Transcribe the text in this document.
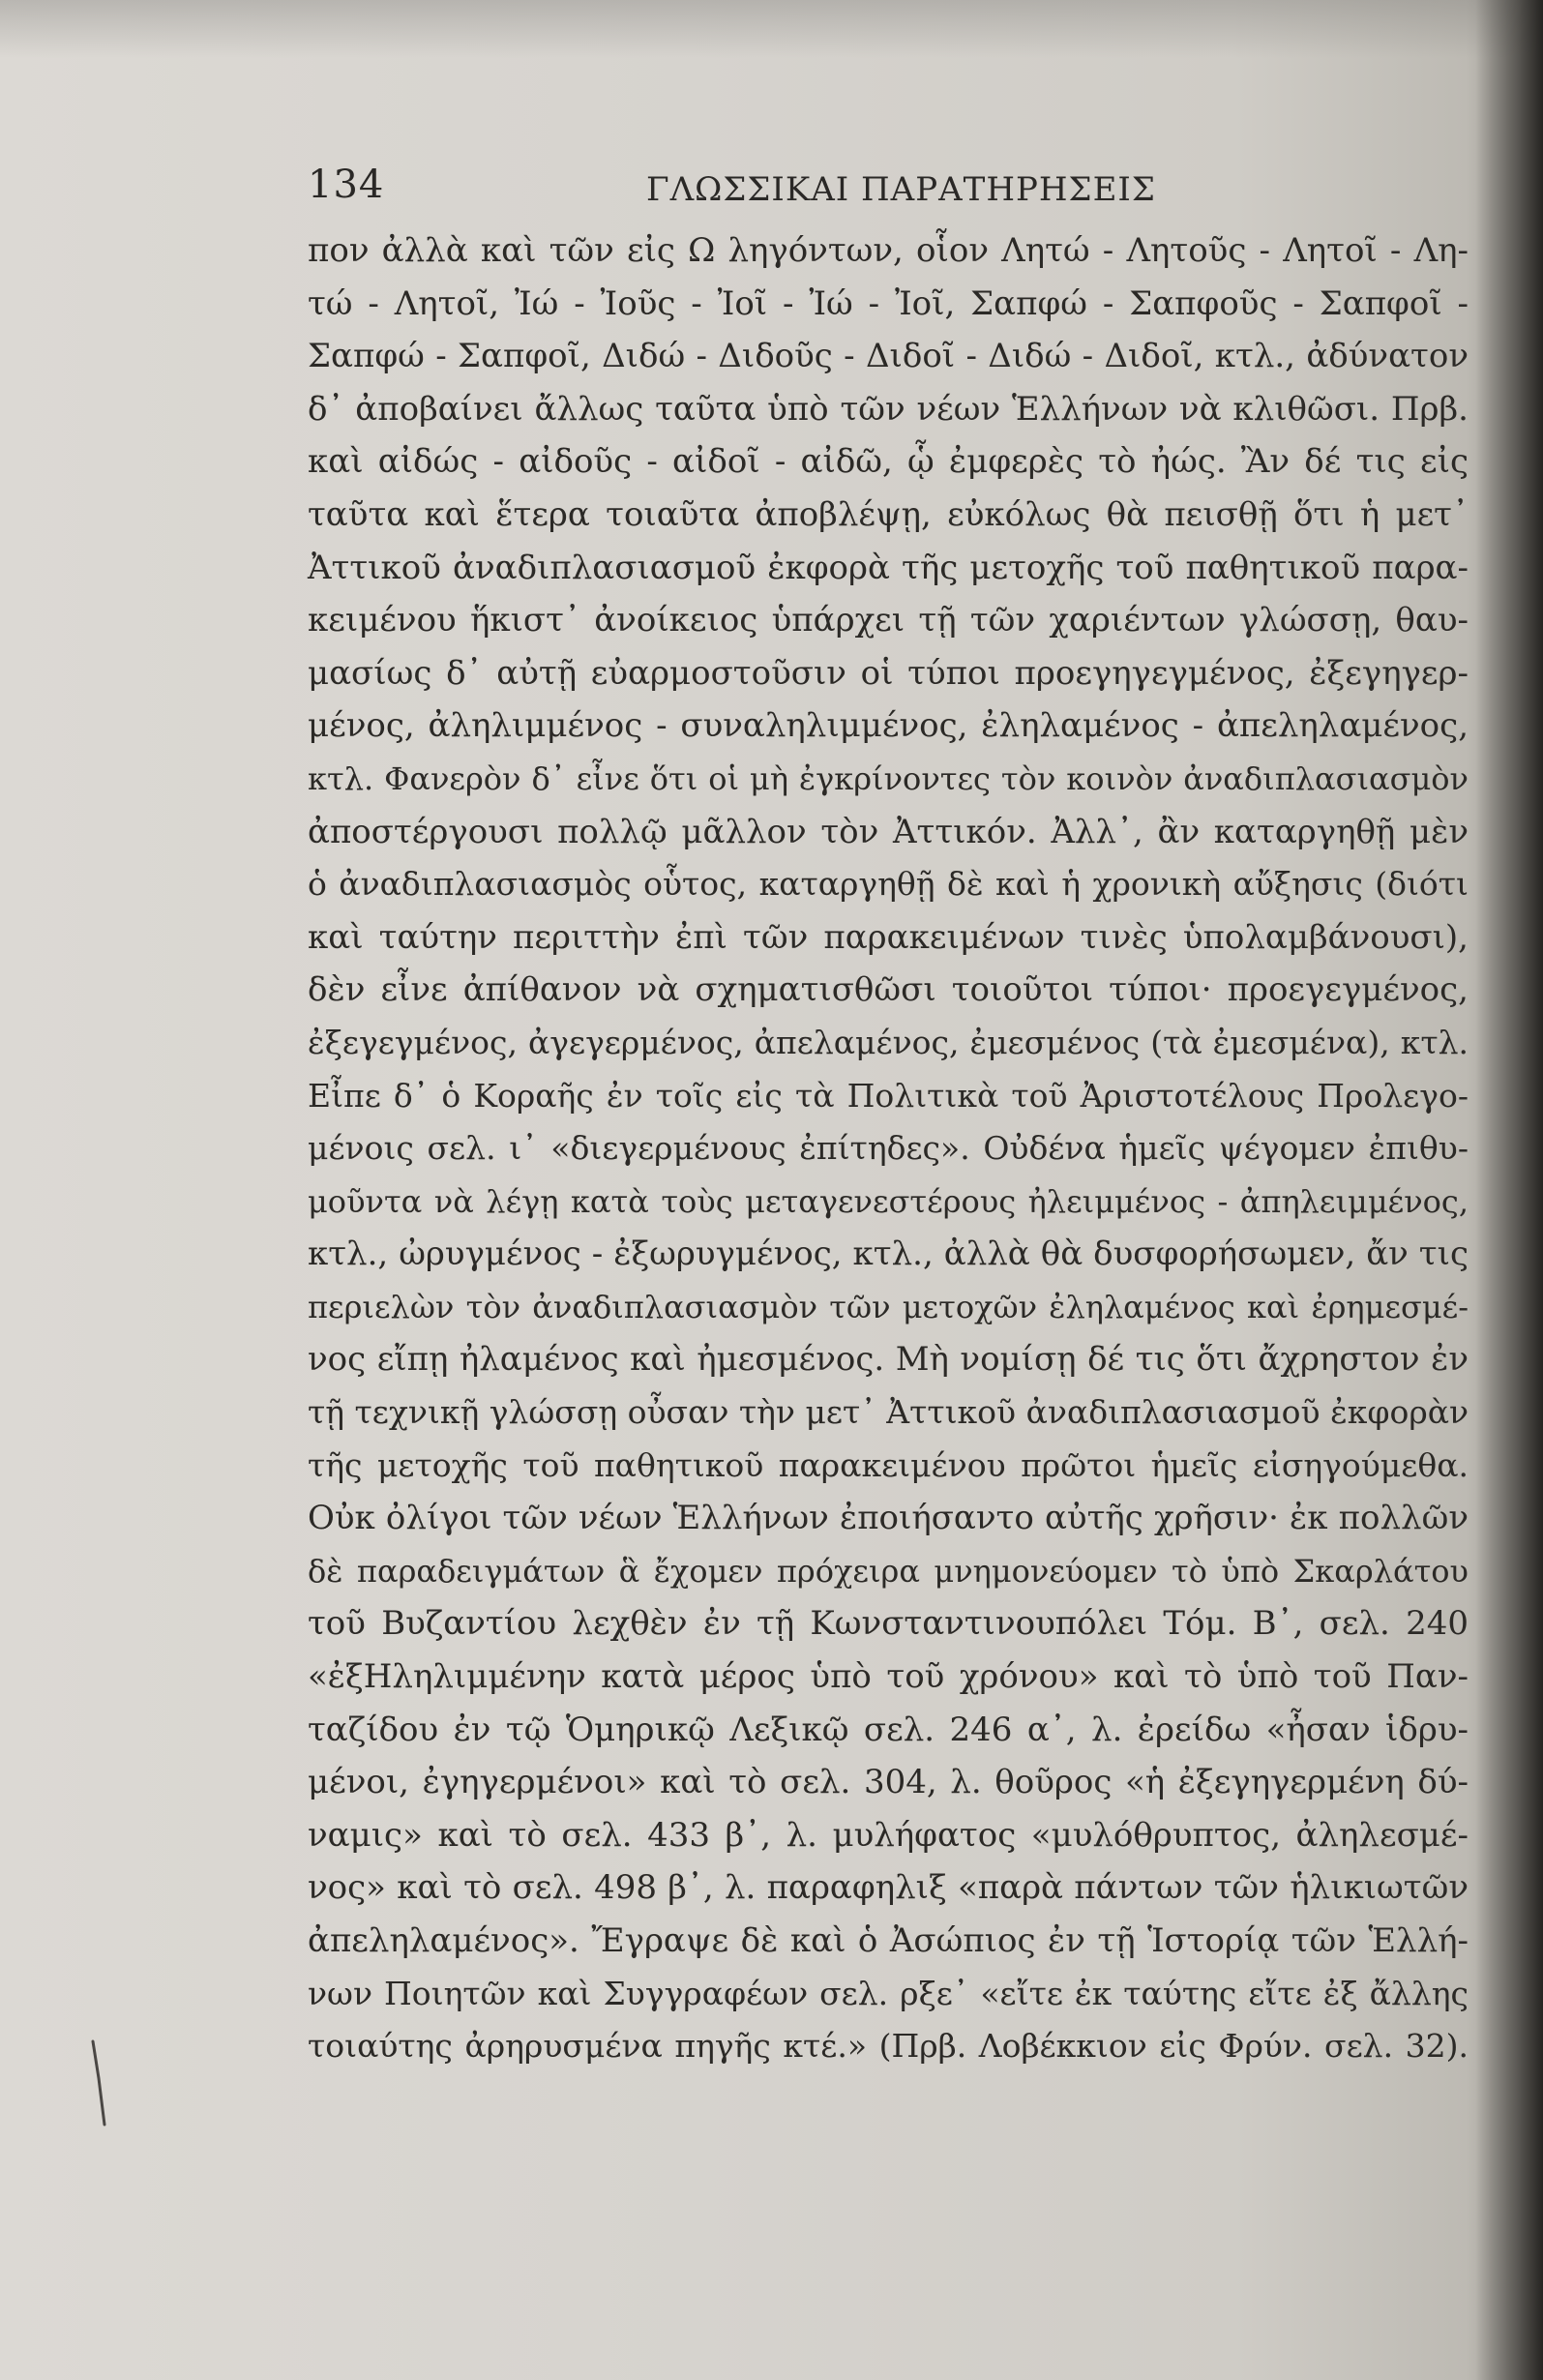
134	ΓΛΩΣΣΙΚΑΙ ΠΑΡΑΤΗΡΗΣΕΙΣ
πον ἀλλὰ καὶ τῶν εἰς Ω ληγόντων, οἷον Λητώ - Λητοῦς - Λητοῖ - Λη-
τώ - Λητοῖ, Ἰώ - Ἰοῦς - Ἰοῖ - Ἰώ - Ἰοῖ, Σαπφώ - Σαπφοῦς - Σαπφοῖ -
Σαπφώ - Σαπφοῖ, Διδώ - Διδοῦς - Διδοῖ - Διδώ - Διδοῖ, κτλ., ἀδύνατον
δ᾽ ἀποβαίνει ἄλλως ταῦτα ὑπὸ τῶν νέων Ἑλλήνων νὰ κλιθῶσι. Πρβ.
καὶ αἰδώς - αἰδοῦς - αἰδοῖ - αἰδῶ, ᾧ ἐμφερὲς τὸ ἠώς. Ἂν δέ τις εἰς
ταῦτα καὶ ἕτερα τοιαῦτα ἀποβλέψῃ, εὐκόλως θὰ πεισθῇ ὅτι ἡ μετ᾽
Ἀττικοῦ ἀναδιπλασιασμοῦ ἐκφορὰ τῆς μετοχῆς τοῦ παθητικοῦ παρα-
κειμένου ἥκιστ᾽ ἀνοίκειος ὑπάρχει τῇ τῶν χαριέντων γλώσσῃ, θαυ-
μασίως δ᾽ αὐτῇ εὐαρμοστοῦσιν οἱ τύποι προεγηγεγμένος, ἐξεγηγερ-
μένος, ἀληλιμμένος - συναληλιμμένος, ἐληλαμένος - ἀπεληλαμένος,
κτλ. Φανερὸν δ᾽ εἶνε ὅτι οἱ μὴ ἐγκρίνοντες τὸν κοινὸν ἀναδιπλασιασμὸν
ἀποστέργουσι πολλῷ μᾶλλον τὸν Ἀττικόν. Ἀλλ᾽, ἂν καταργηθῇ μὲν
ὁ ἀναδιπλασιασμὸς οὗτος, καταργηθῇ δὲ καὶ ἡ χρονικὴ αὔξησις (διότι
καὶ ταύτην περιττὴν ἐπὶ τῶν παρακειμένων τινὲς ὑπολαμβάνουσι),
δὲν εἶνε ἀπίθανον νὰ σχηματισθῶσι τοιοῦτοι τύποι· προεγεγμένος,
ἐξεγεγμένος, ἀγεγερμένος, ἀπελαμένος, ἐμεσμένος (τὰ ἐμεσμένα), κτλ.
Εἶπε δ᾽ ὁ Κοραῆς ἐν τοῖς εἰς τὰ Πολιτικὰ τοῦ Ἀριστοτέλους Προλεγο-
μένοις σελ. ι᾽ «διεγερμένους ἐπίτηδες». Οὐδένα ἡμεῖς ψέγομεν ἐπιθυ-
μοῦντα νὰ λέγῃ κατὰ τοὺς μεταγενεστέρους ἠλειμμένος - ἀπηλειμμένος,
κτλ., ὠρυγμένος - ἐξωρυγμένος, κτλ., ἀλλὰ θὰ δυσφορήσωμεν, ἄν τις
περιελὼν τὸν ἀναδιπλασιασμὸν τῶν μετοχῶν ἐληλαμένος καὶ ἐρημεσμέ-
νος εἴπῃ ἠλαμένος καὶ ἠμεσμένος. Μὴ νομίσῃ δέ τις ὅτι ἄχρηστον ἐν
τῇ τεχνικῇ γλώσσῃ οὖσαν τὴν μετ᾽ Ἀττικοῦ ἀναδιπλασιασμοῦ ἐκφορὰν
τῆς μετοχῆς τοῦ παθητικοῦ παρακειμένου πρῶτοι ἡμεῖς εἰσηγούμεθα.
Οὐκ ὀλίγοι τῶν νέων Ἑλλήνων ἐποιήσαντο αὐτῆς χρῆσιν· ἐκ πολλῶν
δὲ παραδειγμάτων ἃ ἔχομεν πρόχειρα μνημονεύομεν τὸ ὑπὸ Σκαρλάτου
τοῦ Βυζαντίου λεχθὲν ἐν τῇ Κωνσταντινουπόλει Τόμ. Β᾽, σελ. 240
«ἐξΗληλιμμένην κατὰ μέρος ὑπὸ τοῦ χρόνου» καὶ τὸ ὑπὸ τοῦ Παν-
ταζίδου ἐν τῷ Ὁμηρικῷ Λεξικῷ σελ. 246 α᾽, λ. ἐρείδω «ἦσαν ἱδρυ-
μένοι, ἐγηγερμένοι» καὶ τὸ σελ. 304, λ. θοῦρος «ἡ ἐξεγηγερμένη δύ-
ναμις» καὶ τὸ σελ. 433 β᾽, λ. μυλήφατος «μυλόθρυπτος, ἀληλεσμέ-
νος» καὶ τὸ σελ. 498 β᾽, λ. παραφηλιξ «παρὰ πάντων τῶν ἡλικιωτῶν
ἀπεληλαμένος». Ἔγραψε δὲ καὶ ὁ Ἀσώπιος ἐν τῇ Ἱστορίᾳ τῶν Ἑλλή-
νων Ποιητῶν καὶ Συγγραφέων σελ. ρξε᾽ «εἴτε ἐκ ταύτης εἴτε ἐξ ἄλλης
τοιαύτης ἀρηρυσμένα πηγῆς κτέ.» (Πρβ. Λοβέκκιον εἰς Φρύν. σελ. 32).
